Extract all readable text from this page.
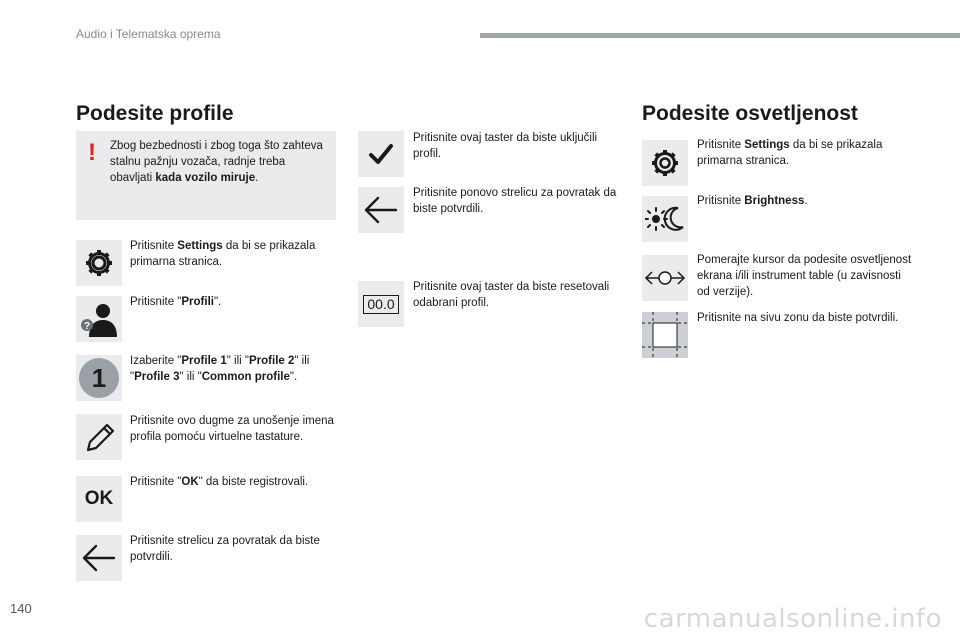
Audio i Telematska oprema
Podesite profile
! Zbog bezbednosti i zbog toga što zahteva stalnu pažnju vozača, radnje treba obavljati kada vozilo miruje.
Pritisnite Settings da bi se prikazala primarna stranica.
?
Pritisnite "Profili".
1
Izaberite "Profile 1" ili "Profile 2" ili "Profile 3" ili "Common profile".
Pritisnite ovo dugme za unošenje imena profila pomoću virtuelne tastature.
OK
Pritisnite "OK" da biste registrovali.
Pritisnite strelicu za povratak da biste potvrdili.
Pritisnite ovaj taster da biste uključili profil.
Pritisnite ponovo strelicu za povratak da biste potvrdili.
00.0
Pritisnite ovaj taster da biste resetovali odabrani profil.
Podesite osvetljenost
Pritisnite Settings da bi se prikazala primarna stranica.
Pritisnite Brightness.
Pomerajte kursor da podesite osvetljenost ekrana i/ili instrument table (u zavisnosti od verzije).
Pritisnite na sivu zonu da biste potvrdili.
140	carmanualsonline.info
